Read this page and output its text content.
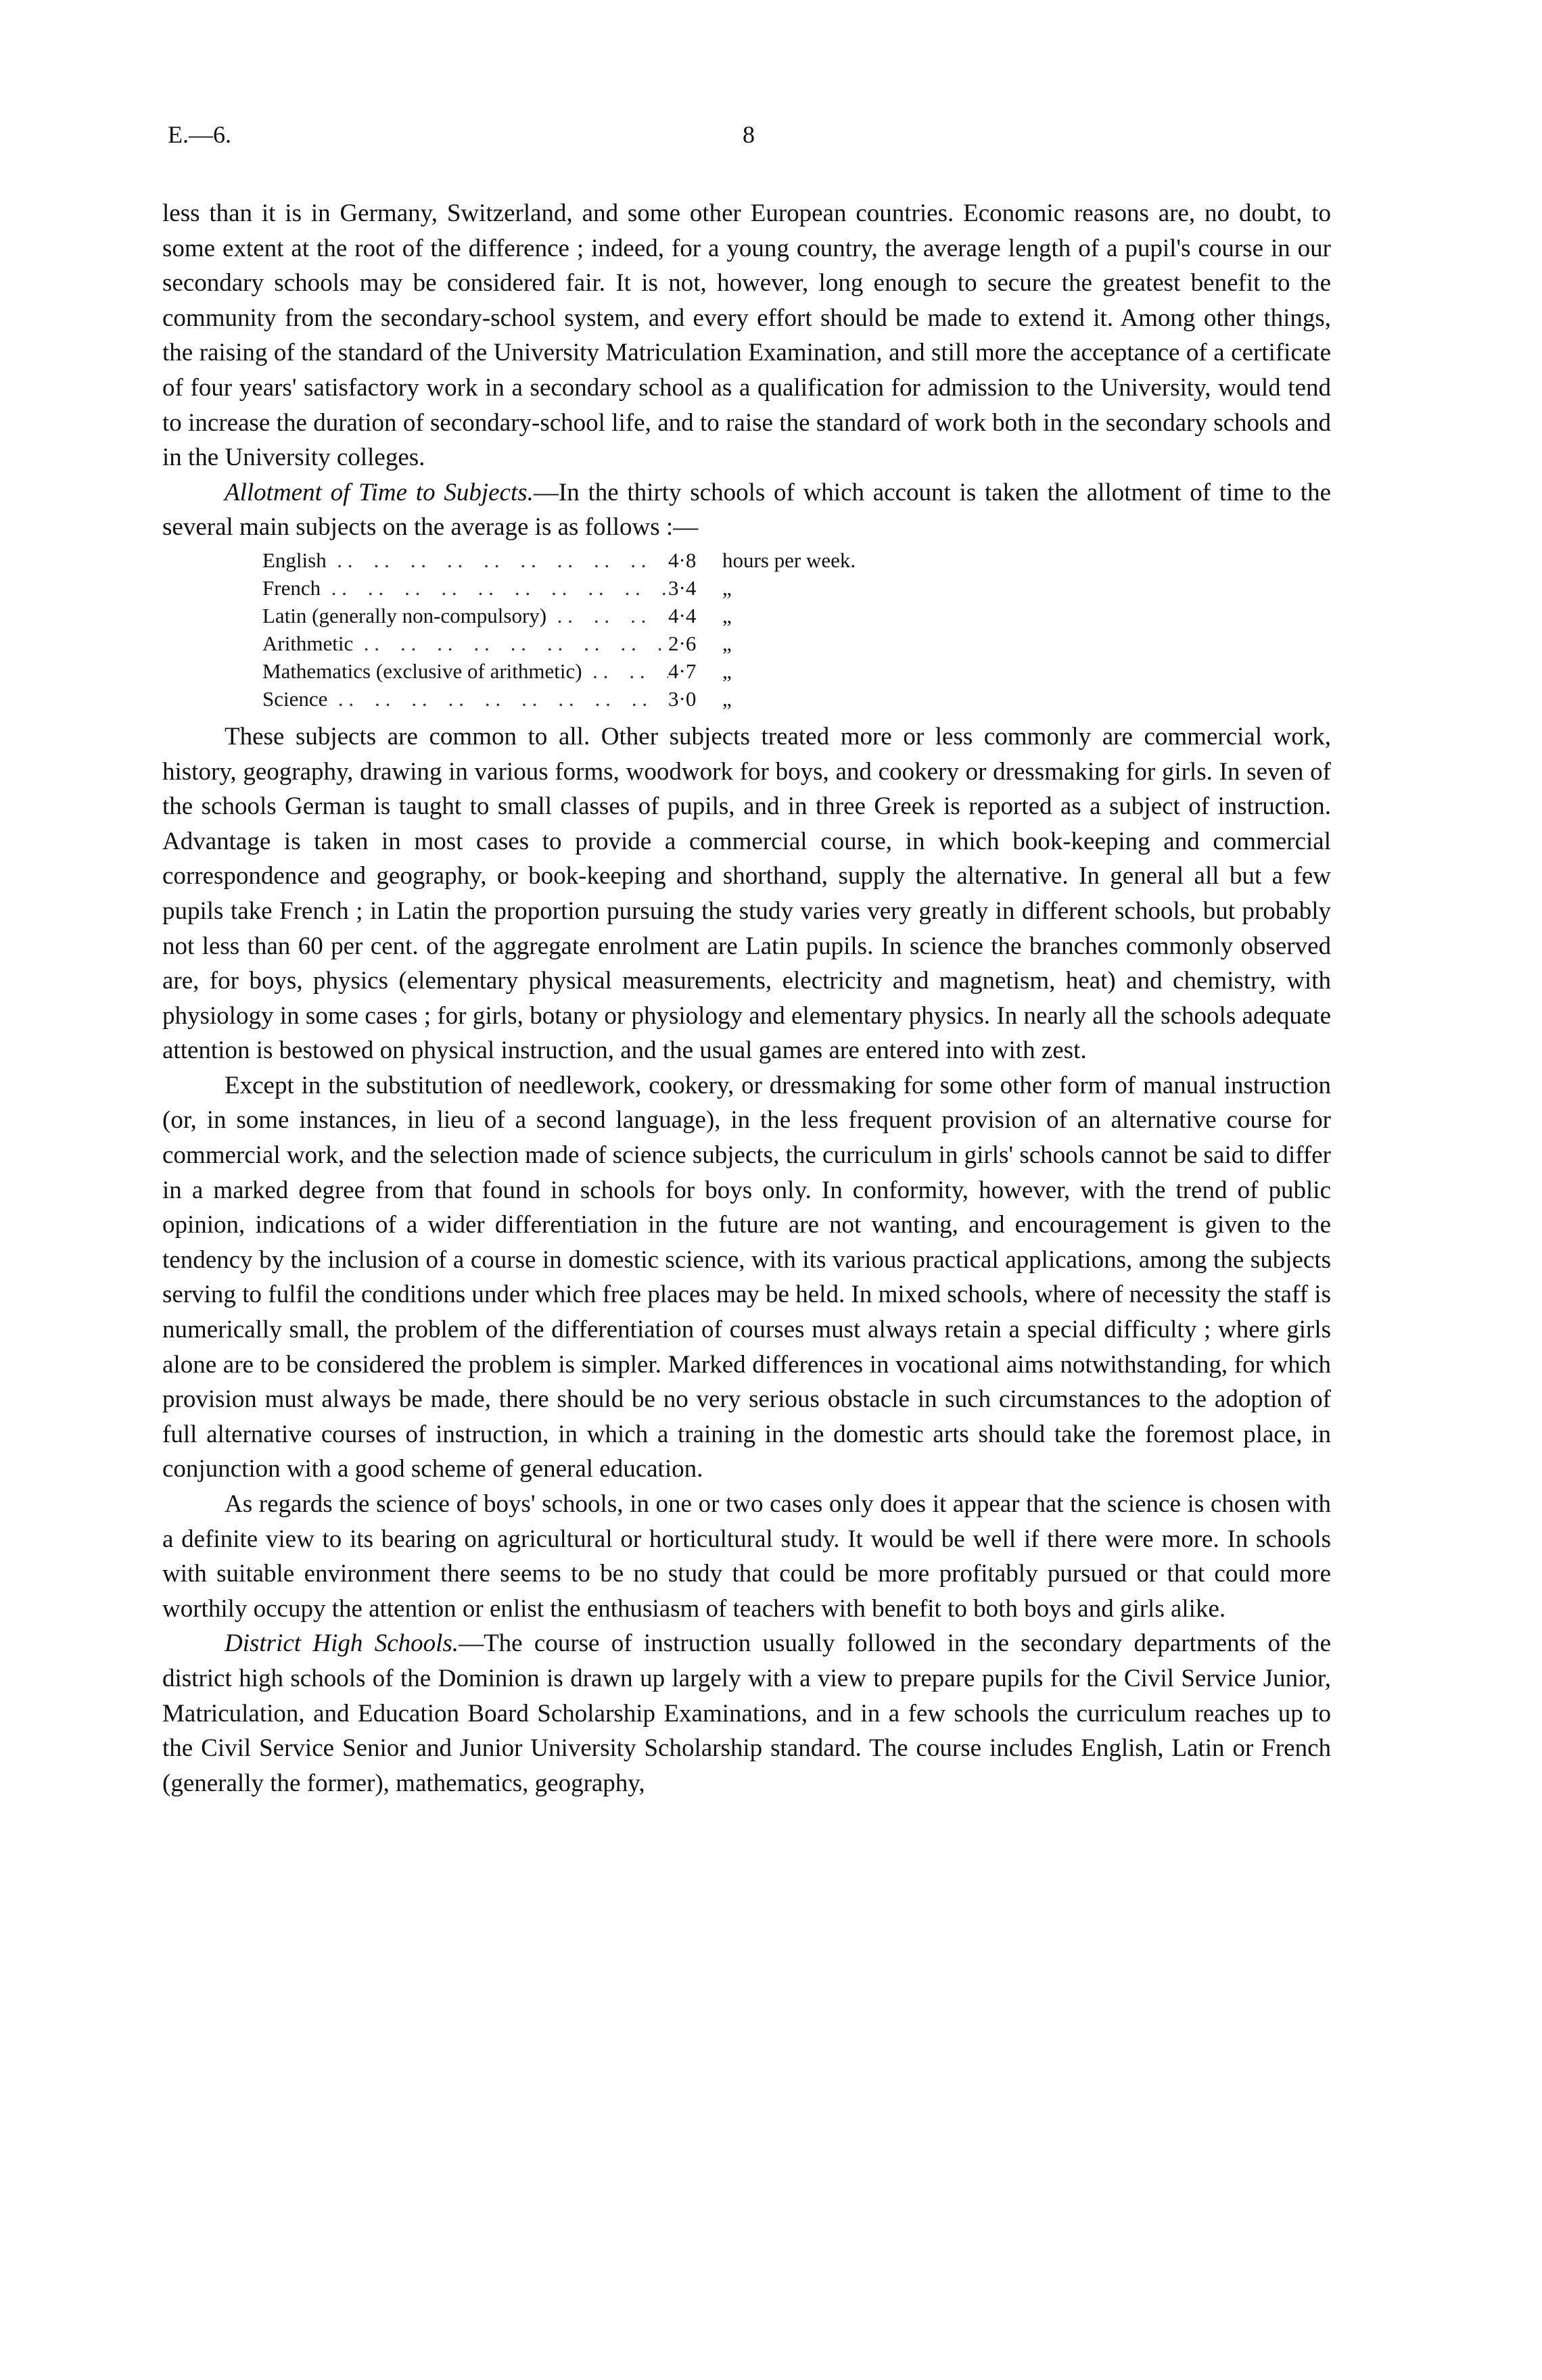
E.—6.	8

less than it is in Germany, Switzerland, and some other European countries. Economic reasons are, no doubt, to some extent at the root of the difference ; indeed, for a young country, the average length of a pupil's course in our secondary schools may be considered fair. It is not, however, long enough to secure the greatest benefit to the community from the secondary-school system, and every effort should be made to extend it. Among other things, the raising of the standard of the University Matriculation Examination, and still more the acceptance of a certificate of four years' satisfactory work in a secondary school as a qualification for admission to the University, would tend to increase the duration of secondary-school life, and to raise the standard of work both in the secondary schools and in the University colleges.

Allotment of Time to Subjects.—In the thirty schools of which account is taken the allotment of time to the several main subjects on the average is as follows :—

English . .	4·8	hours per week.
French . .	3·4	„
Latin (generally non-compulsory) . .	4·4	„
Arithmetic . .	2·6	„
Mathematics (exclusive of arithmetic) . .	4·7	„
Science . .	3·0	„

These subjects are common to all. Other subjects treated more or less commonly are commercial work, history, geography, drawing in various forms, woodwork for boys, and cookery or dressmaking for girls. In seven of the schools German is taught to small classes of pupils, and in three Greek is reported as a subject of instruction. Advantage is taken in most cases to provide a commercial course, in which book-keeping and commercial correspondence and geography, or book-keeping and shorthand, supply the alternative. In general all but a few pupils take French ; in Latin the proportion pursuing the study varies very greatly in different schools, but probably not less than 60 per cent. of the aggregate enrolment are Latin pupils. In science the branches commonly observed are, for boys, physics (elementary physical measurements, electricity and magnetism, heat) and chemistry, with physiology in some cases ; for girls, botany or physiology and elementary physics. In nearly all the schools adequate attention is bestowed on physical instruction, and the usual games are entered into with zest.

Except in the substitution of needlework, cookery, or dressmaking for some other form of manual instruction (or, in some instances, in lieu of a second language), in the less frequent provision of an alternative course for commercial work, and the selection made of science subjects, the curriculum in girls' schools cannot be said to differ in a marked degree from that found in schools for boys only. In conformity, however, with the trend of public opinion, indications of a wider differentiation in the future are not wanting, and encouragement is given to the tendency by the inclusion of a course in domestic science, with its various practical applications, among the subjects serving to fulfil the conditions under which free places may be held. In mixed schools, where of necessity the staff is numerically small, the problem of the differentiation of courses must always retain a special difficulty ; where girls alone are to be considered the problem is simpler. Marked differences in vocational aims notwithstanding, for which provision must always be made, there should be no very serious obstacle in such circumstances to the adoption of full alternative courses of instruction, in which a training in the domestic arts should take the foremost place, in conjunction with a good scheme of general education.

As regards the science of boys' schools, in one or two cases only does it appear that the science is chosen with a definite view to its bearing on agricultural or horticultural study. It would be well if there were more. In schools with suitable environment there seems to be no study that could be more profitably pursued or that could more worthily occupy the attention or enlist the enthusiasm of teachers with benefit to both boys and girls alike.

District High Schools.—The course of instruction usually followed in the secondary departments of the district high schools of the Dominion is drawn up largely with a view to prepare pupils for the Civil Service Junior, Matriculation, and Education Board Scholarship Examinations, and in a few schools the curriculum reaches up to the Civil Service Senior and Junior University Scholarship standard. The course includes English, Latin or French (generally the former), mathematics, geography,
